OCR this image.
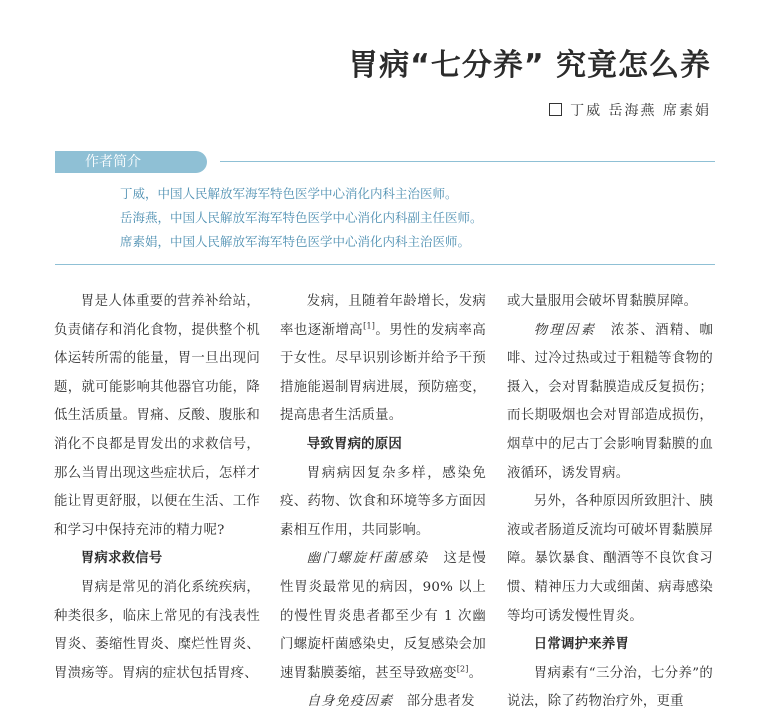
胃病“七分养” 究竟怎么养
丁威 岳海燕 席素娟
作者简介
丁威，中国人民解放军海军特色医学中心消化内科主治医师。
岳海燕，中国人民解放军海军特色医学中心消化内科副主任医师。
席素娟，中国人民解放军海军特色医学中心消化内科主治医师。

胃是人体重要的营养补给站，负责储存和消化食物，提供整个机体运转所需的能量，胃一旦出现问题，就可能影响其他器官功能，降低生活质量。胃痛、反酸、腹胀和消化不良都是胃发出的求救信号，那么当胃出现这些症状后，怎样才能让胃更舒服，以便在生活、工作和学习中保持充沛的精力呢?

胃病求救信号

胃病是常见的消化系统疾病，种类很多，临床上常见的有浅表性胃炎、萎缩性胃炎、糜烂性胃炎、胃溃疡等。胃病的症状包括胃疼、

发病，且随着年龄增长，发病率也逐渐增高[1]。男性的发病率高于女性。尽早识别诊断并给予干预措施能遏制胃病进展，预防癌变，提高患者生活质量。

导致胃病的原因

胃病病因复杂多样，感染免疫、药物、饮食和环境等多方面因素相互作用，共同影响。

幽门螺旋杆菌感染　这是慢性胃炎最常见的病因，90% 以上的慢性胃炎患者都至少有 1 次幽门螺旋杆菌感染史，反复感染会加速胃黏膜萎缩，甚至导致癌变[2]。

自身免疫因素　部分患者发

或大量服用会破坏胃黏膜屏障。

物理因素　浓茶、酒精、咖啡、过冷过热或过于粗糙等食物的摄入，会对胃黏膜造成反复损伤；而长期吸烟也会对胃部造成损伤，烟草中的尼古丁会影响胃黏膜的血液循环，诱发胃病。

另外，各种原因所致胆汁、胰液或者肠道反流均可破坏胃黏膜屏障。暴饮暴食、酗酒等不良饮食习惯、精神压力大或细菌、病毒感染等均可诱发慢性胃炎。

日常调护来养胃

胃病素有“三分治，七分养”的说法，除了药物治疗外，更重
